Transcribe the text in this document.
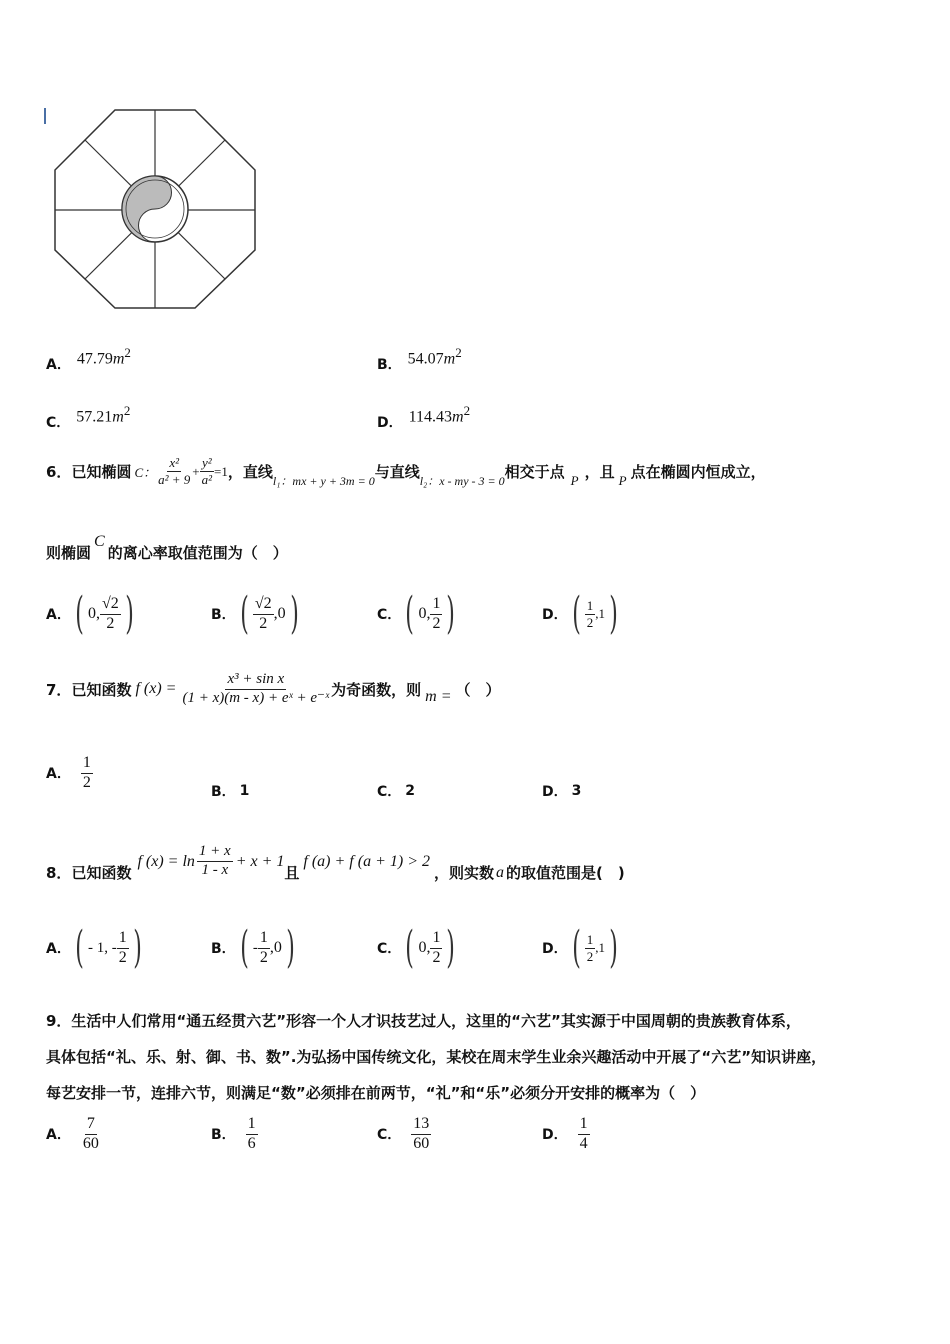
A． $47.79m^2$
B． $54.07m^2$
C． $57.21m^2$
D． $114.43m^2$
6． 已知椭圆 C： $\frac{\text{x²}}{\text{a² + 9}} + \frac{\text{y²}}{\text{a²}} =1$ ，直线 l₁：mx + y + 3m = 0 与直线 l₂：x - my - 3 = 0 相交于点 P ，且 P 点在椭圆内恒成立，
则椭圆
C
的离心率取值范围为（　）
A． ( 0, $\frac{√2}{2}$ )	B． ( $\frac{√2}{2} ,0$ )	C． ( 0, $\frac{1}{2}$ )	D． ( $\frac{1}{2} ,1$ )
7． 已知函数 f $(x) = \frac{\text{x³ + sin x}}{\text{(1 + x)(m - x) + eˣ + e⁻ˣ}}$ 为奇函数，则 m = （　）
A． $\frac{1}{2}$
B． 1	C． 2	D． 3
8． 已知函数
f $(x) = \ln \frac{1 + x}{1 - x} + x + 1$
且
f (a) + f (a + 1) > 2
，则实数 a 的取值范围是(　)
A． ( - 1, - $\frac{1}{2}$ )	B． ( - $\frac{1}{2} ,0$ )	C． ( 0, $\frac{1}{2}$ )	D． ( $\frac{1}{2} ,1$ )
9．生活中人们常用“通五经贯六艺”形容一个人才识技艺过人，这里的“六艺”其实源于中国周朝的贵族教育体系，
具体包括“礼、乐、射、御、书、数”.为弘扬中国传统文化，某校在周末学生业余兴趣活动中开展了“六艺”知识讲座，
每艺安排一节，连排六节，则满足“数”必须排在前两节，“礼”和“乐”必须分开安排的概率为（　）
A． $\frac{7}{60}$	B． $\frac{1}{6}$	C． $\frac{13}{60}$	D． $\frac{1}{4}$
